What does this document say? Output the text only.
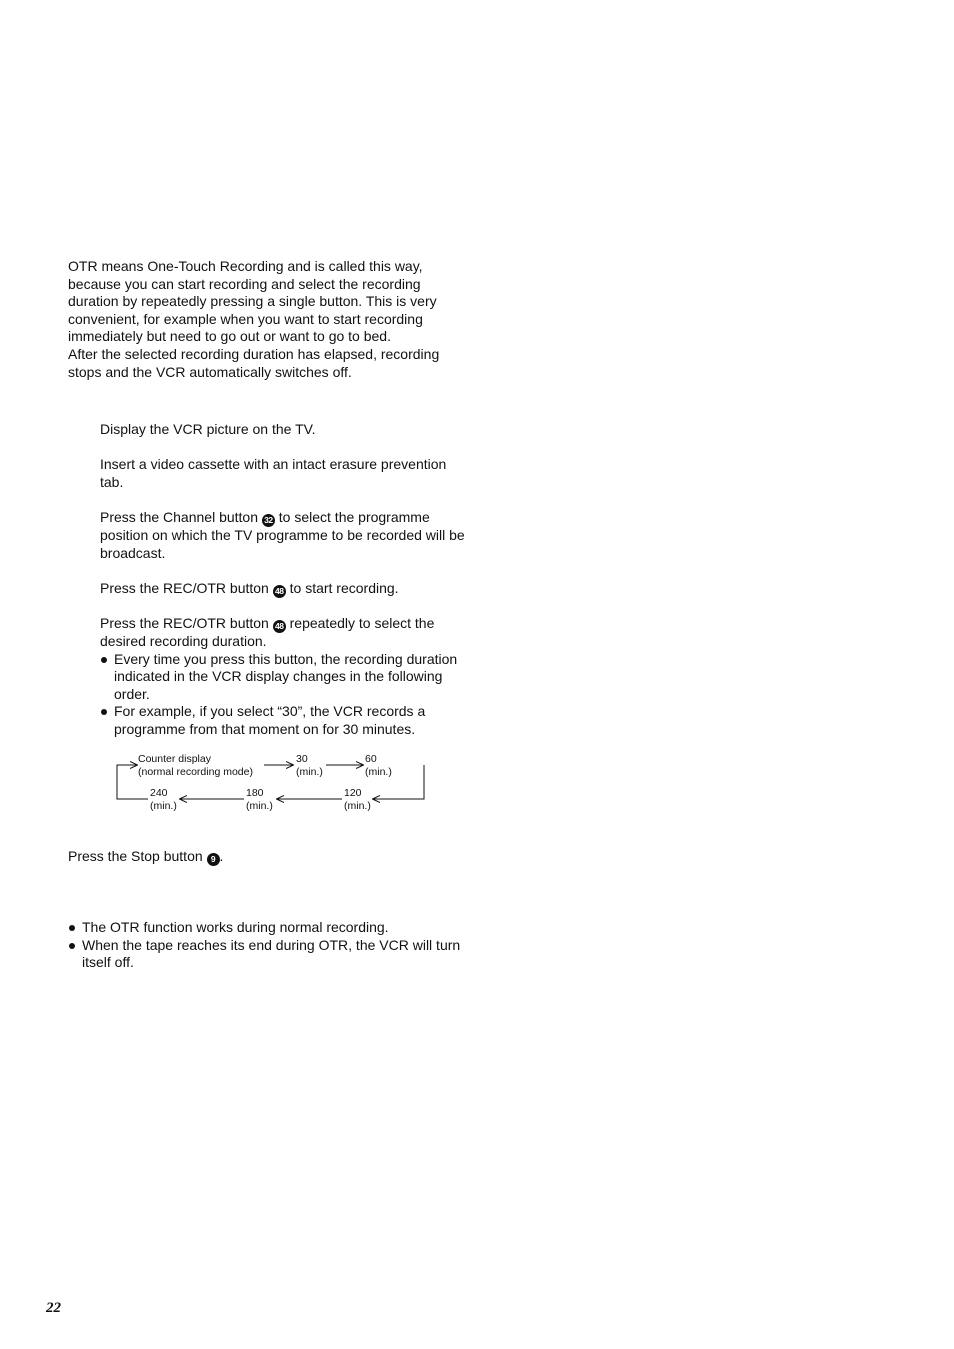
OTR means One-Touch Recording and is called this way, because you can start recording and select the recording duration by repeatedly pressing a single button. This is very convenient, for example when you want to start recording immediately but need to go out or want to go to bed.

After the selected recording duration has elapsed, recording stops and the VCR automatically switches off.

Display the VCR picture on the TV.

Insert a video cassette with an intact erasure prevention tab.

Press the Channel button 32 to select the programme position on which the TV programme to be recorded will be broadcast.

Press the REC/OTR button 48 to start recording.

Press the REC/OTR button 48 repeatedly to select the desired recording duration.

Every time you press this button, the recording duration indicated in the VCR display changes in the following order.
For example, if you select “30”, the VCR records a programme from that moment on for 30 minutes.
Counter display
(normal recording mode)
30
(min.)
60
(min.)
120
(min.)
180
(min.)
240
(min.)

Press the Stop button 9 .

The OTR function works during normal recording.
When the tape reaches its end during OTR, the VCR will turn itself off.
22
